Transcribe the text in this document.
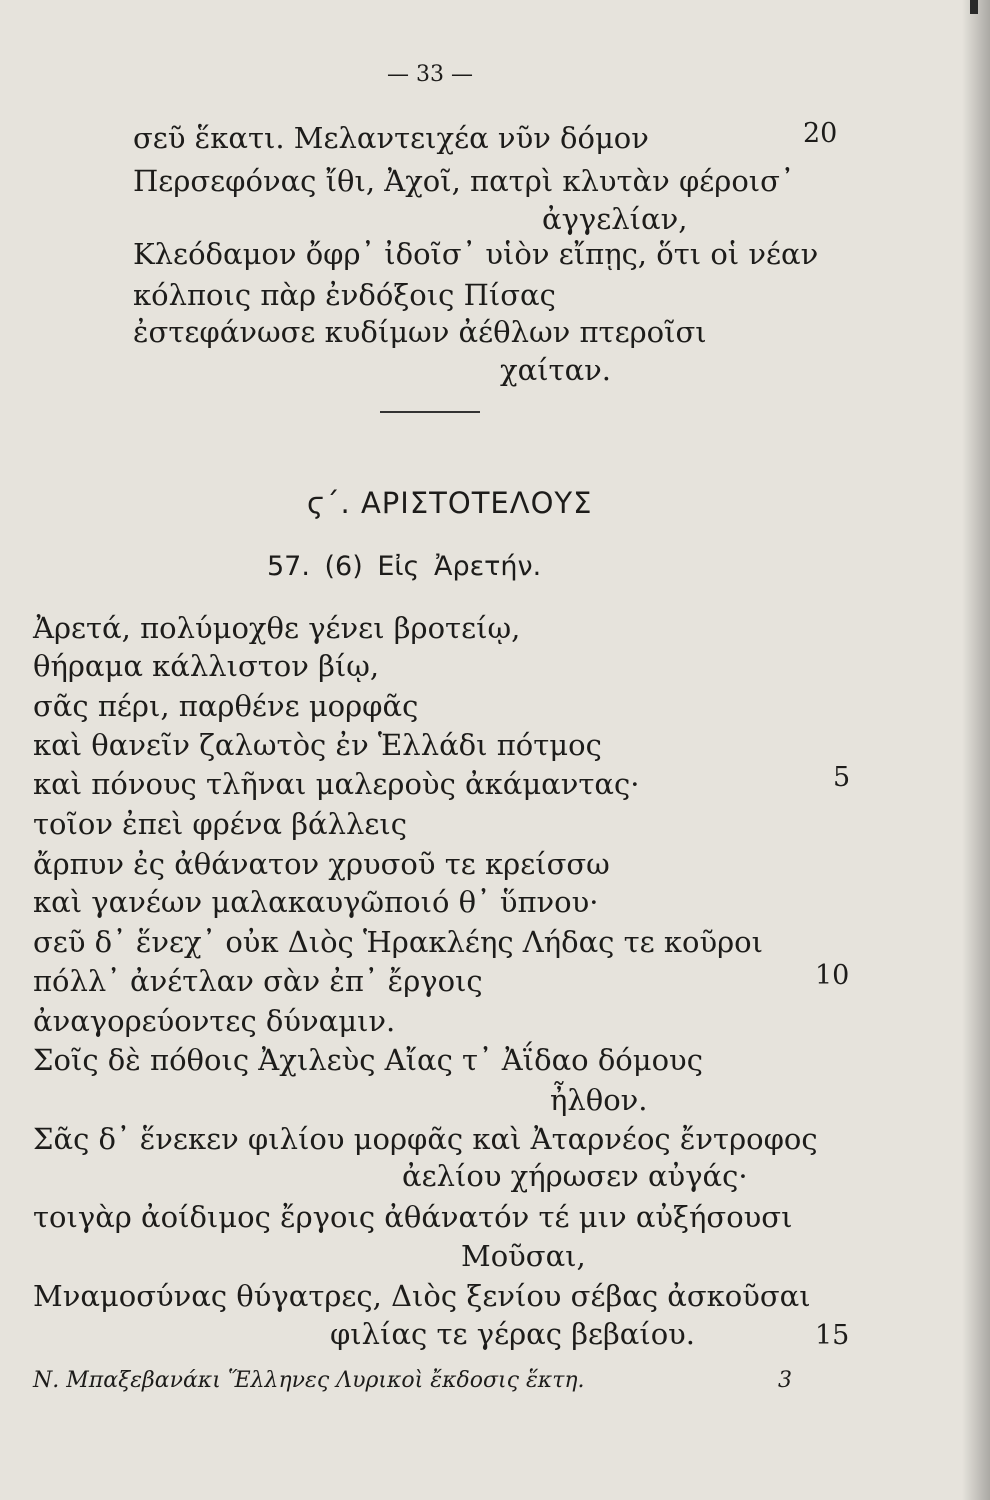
— 33 —
σεῦ ἕκατι. Μελαντειχέα νῦν δόμον
Περσεφόνας ἴθι, Ἀχοῖ, πατρὶ κλυτὰν φέροισ᾽
ἀγγελίαν,
Κλεόδαμον ὄφρ᾽ ἰδοῖσ᾽ υἱὸν εἴπῃς, ὅτι οἱ νέαν
κόλποις πὰρ ἐνδόξοις Πίσας
ἐστεφάνωσε κυδίμων ἀέθλων πτεροῖσι
χαίταν.
20
ϛ΄. ΑΡΙΣΤΟΤΕΛΟΥΣ
57. (6) Εἰς Ἀρετήν.
Ἀρετά, πολύμοχθε γένει βροτείῳ,
θήραμα κάλλιστον βίῳ,
σᾶς πέρι, παρθένε μορφᾶς
καὶ θανεῖν ζαλωτὸς ἐν Ἑλλάδι πότμος
καὶ πόνους τλῆναι μαλεροὺς ἀκάμαντας·
τοῖον ἐπεὶ φρένα βάλλεις
ἄρπυν ἐς ἀθάνατον χρυσοῦ τε κρείσσω
καὶ γανέων μαλακαυγῶποιό θ᾽ ὕπνου·
σεῦ δ᾽ ἕνεχ᾽ οὐκ Διὸς Ἡρακλέης Λήδας τε κοῦροι
πόλλ᾽ ἀνέτλαν σὰν ἐπ᾽ ἔργοις
ἀναγορεύοντες δύναμιν.
Σοῖς δὲ πόθοις Ἀχιλεὺς Αἴας τ᾽ Ἀΐδαο δόμους
ἦλθον.
Σᾶς δ᾽ ἕνεκεν φιλίου μορφᾶς καὶ Ἀταρνέος ἔντροφος
ἀελίου χήρωσεν αὐγάς·
τοιγὰρ ἀοίδιμος ἔργοις ἀθάνατόν τέ μιν αὐξήσουσι
Μοῦσαι,
Μναμοσύνας θύγατρες, Διὸς ξενίου σέβας ἀσκοῦσαι
φιλίας τε γέρας βεβαίου.
5
10
15
Ν. Μπαξεβανάκι Ἕλληνες Λυρικοὶ ἔκδοσις ἕκτη.	3
